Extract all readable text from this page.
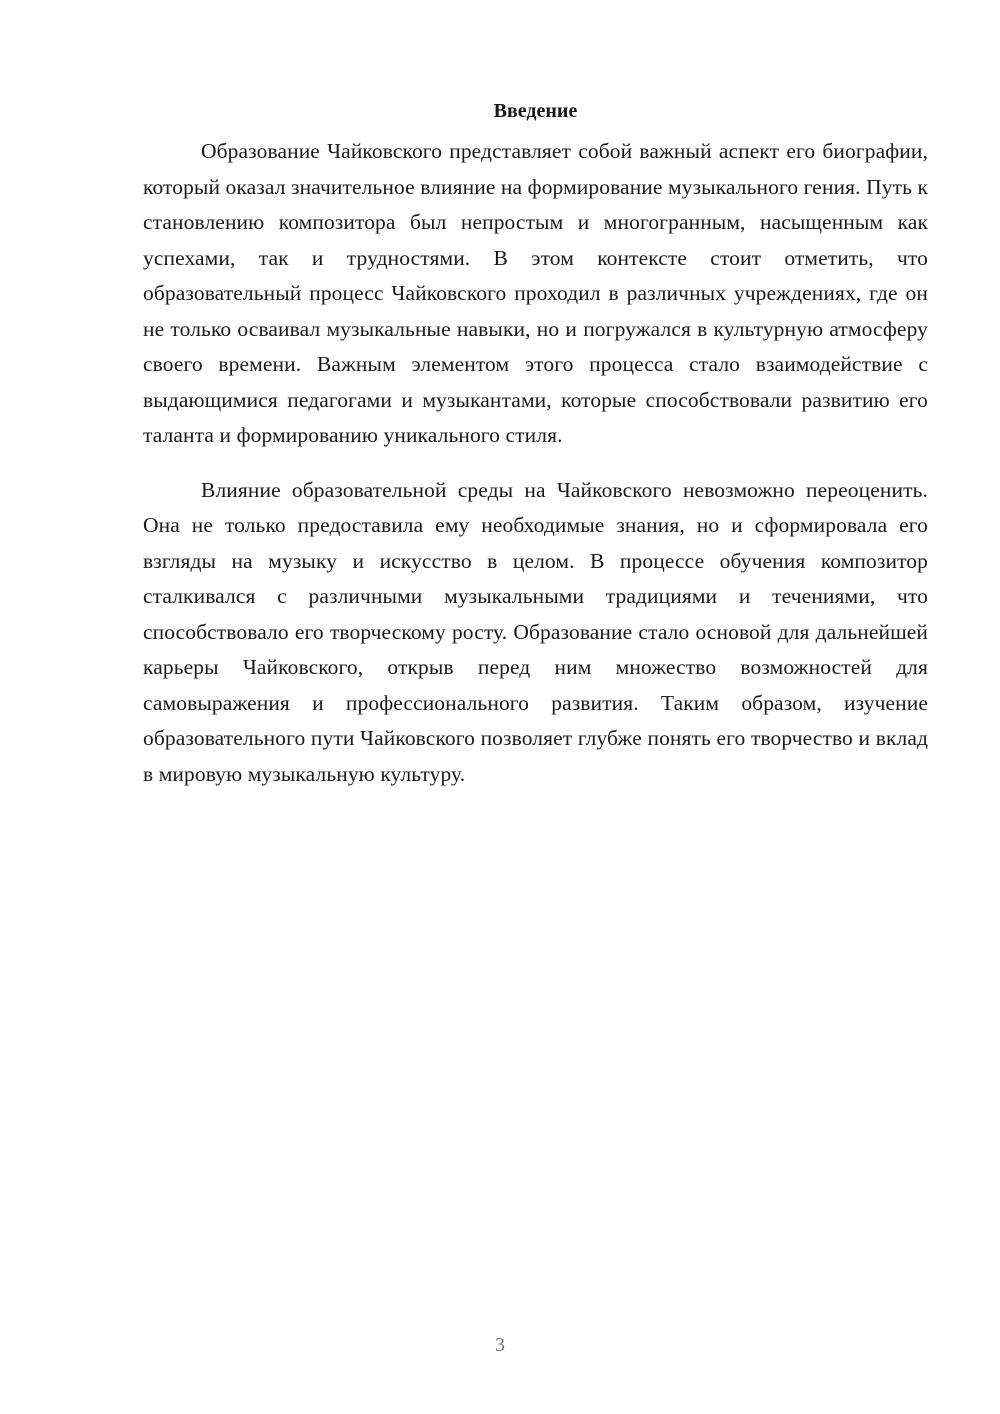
Введение

Образование Чайковского представляет собой важный аспект его биографии, который оказал значительное влияние на формирование музыкального гения. Путь к становлению композитора был непростым и многогранным, насыщенным как успехами, так и трудностями. В этом контексте стоит отметить, что образовательный процесс Чайковского проходил в различных учреждениях, где он не только осваивал музыкальные навыки, но и погружался в культурную атмосферу своего времени. Важным элементом этого процесса стало взаимодействие с выдающимися педагогами и музыкантами, которые способствовали развитию его таланта и формированию уникального стиля.

Влияние образовательной среды на Чайковского невозможно переоценить. Она не только предоставила ему необходимые знания, но и сформировала его взгляды на музыку и искусство в целом. В процессе обучения композитор сталкивался с различными музыкальными традициями и течениями, что способствовало его творческому росту. Образование стало основой для дальнейшей карьеры Чайковского, открыв перед ним множество возможностей для самовыражения и профессионального развития. Таким образом, изучение образовательного пути Чайковского позволяет глубже понять его творчество и вклад в мировую музыкальную культуру.

3
